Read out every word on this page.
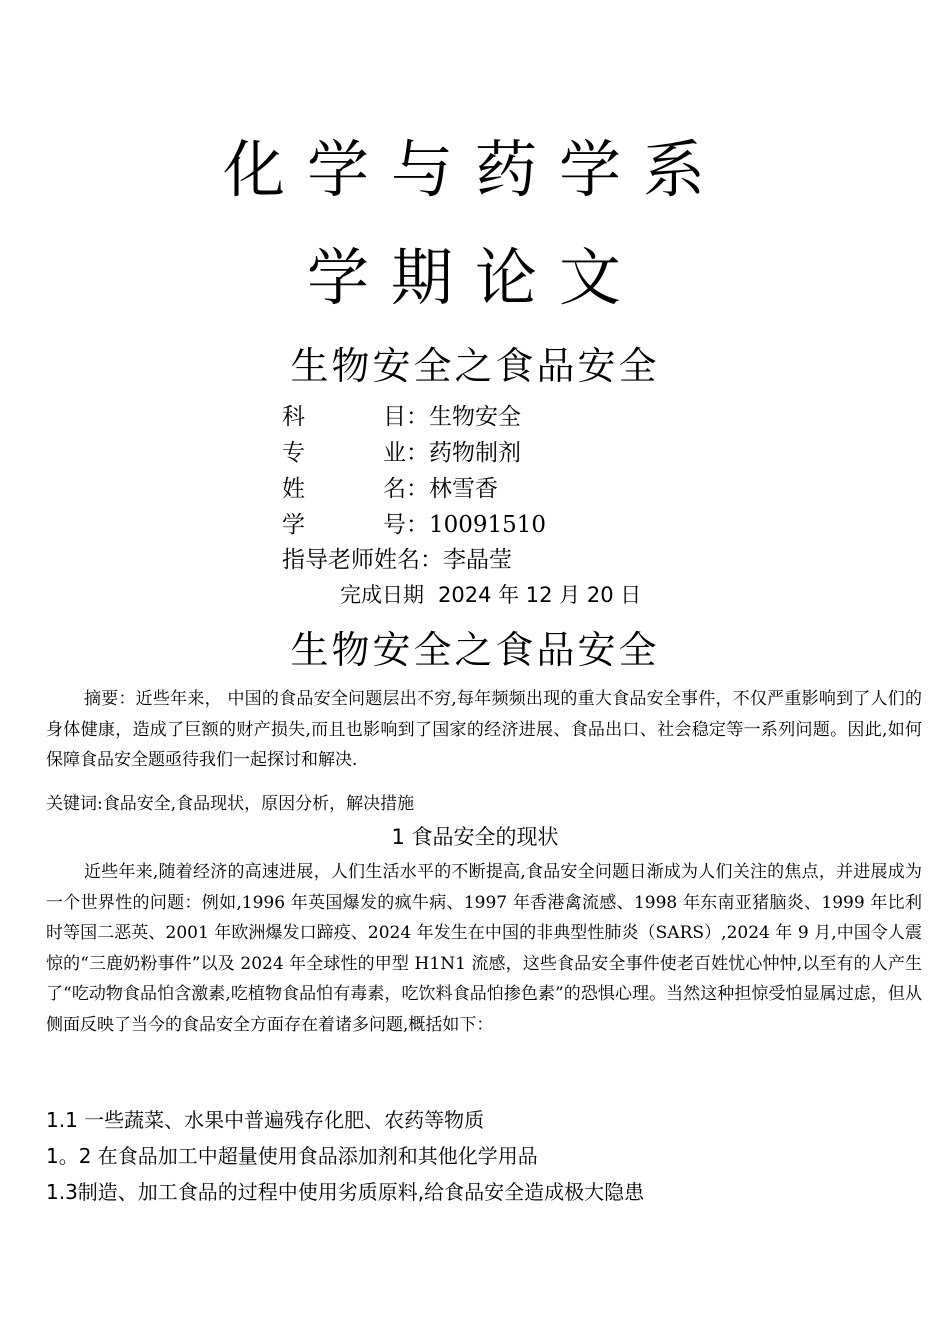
化学与药学系
学期论文
生物安全之食品安全
科目：生物安全
专业：药物制剂
姓名：林雪香
学号：10091510
指导老师姓名：李晶莹
完成日期 2024 年 12 月 20 日
生物安全之食品安全

摘要：近些年来， 中国的食品安全问题层出不穷,每年频频出现的重大食品安全事件，不仅严重影响到了人们的身体健康，造成了巨额的财产损失,而且也影响到了国家的经济进展、食品出口、社会稳定等一系列问题。因此,如何保障食品安全题亟待我们一起探讨和解决.

关键词:食品安全,食品现状，原因分析，解决措施
1 食品安全的现状

近些年来,随着经济的高速进展，人们生活水平的不断提高,食品安全问题日渐成为人们关注的焦点，并进展成为一个世界性的问题：例如,1996 年英国爆发的疯牛病、1997 年香港禽流感、1998 年东南亚猪脑炎、1999 年比利时等国二恶英、2001 年欧洲爆发口蹄疫、2024 年发生在中国的非典型性肺炎（SARS）,2024 年 9 月,中国令人震惊的“三鹿奶粉事件”以及 2024 年全球性的甲型 H1N1 流感，这些食品安全事件使老百姓忧心忡忡,以至有的人产生了“吃动物食品怕含激素,吃植物食品怕有毒素，吃饮料食品怕掺色素”的恐惧心理。当然这种担惊受怕显属过虑，但从侧面反映了当今的食品安全方面存在着诸多问题,概括如下：

1.1 一些蔬菜、水果中普遍残存化肥、农药等物质
1。2 在食品加工中超量使用食品添加剂和其他化学用品
1.3制造、加工食品的过程中使用劣质原料,给食品安全造成极大隐患
